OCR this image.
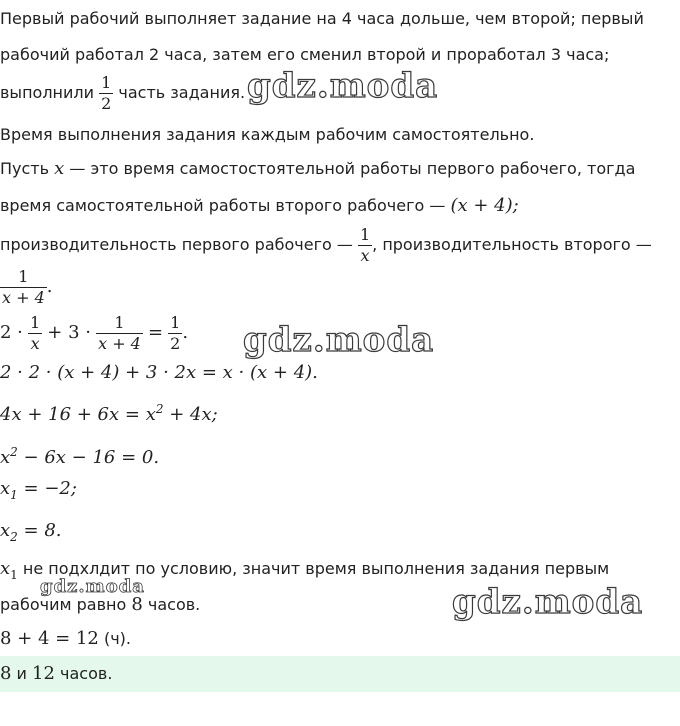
Первый рабочий выполняет задание на 4 часа дольше, чем второй; первый
рабочий работал 2 часа, затем его сменил второй и проработал 3 часа;
выполнили $\frac{1}{2}$ часть задания.
Время выполнения задания каждым рабочим самостоятельно.
Пусть x — это время самостостоятельной работы первого рабочего, тогда
время самостоятельной работы второго рабочего — (x + 4);
производительность первого рабочего — $\frac{1}{x}$ , производительность второго —
$\frac{1}{x + 4}$ .
$2 \cdot \frac{1}{x} + 3 \cdot \frac{1}{x + 4} = \frac{1}{2}$ .
2 · 2 · (x + 4) + 3 · 2x = x · (x + 4).
$4x + 16 + 6x = x^2 + 4x$;
$x^2 - 6x - 16 = 0$.
$x_1 = -2$;
$x_2 = 8$.
$x_1$ не подхлдит по условию, значит время выполнения задания первым
рабочим равно 8 часов.
8 + 4 = 12 (ч).
8 и 12 часов.
gdz.moda
gdz.moda
gdz.moda	gdz.moda
